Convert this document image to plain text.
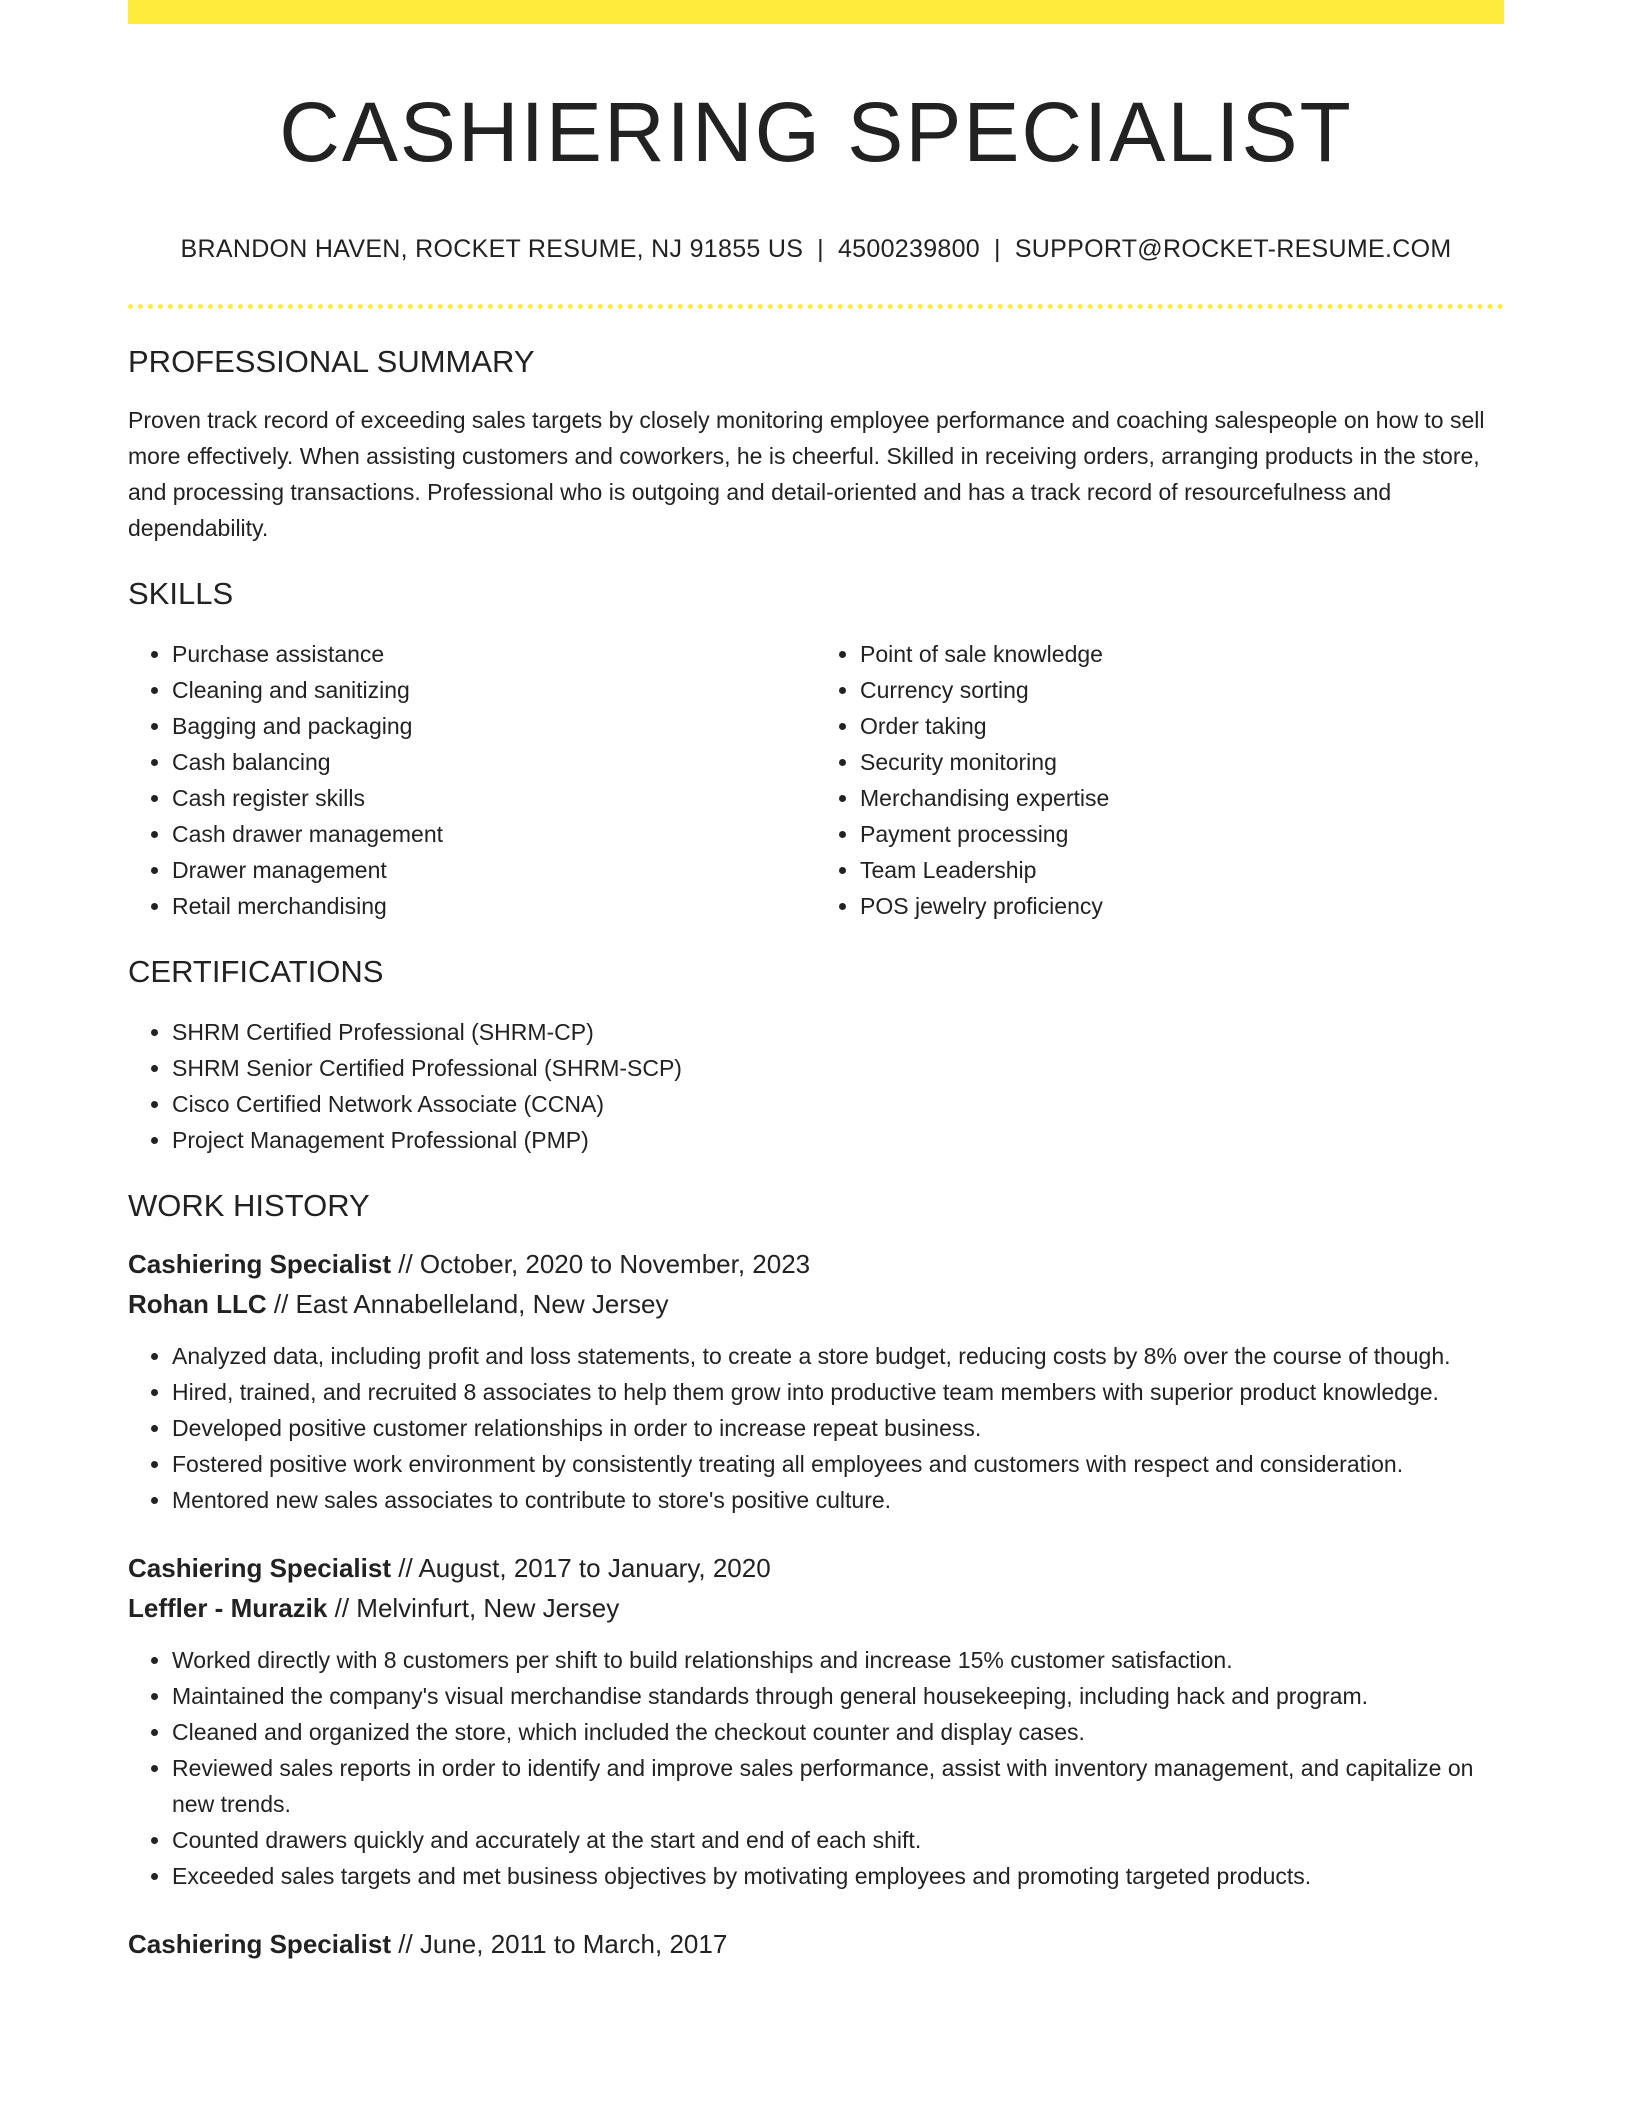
CASHIERING SPECIALIST
BRANDON HAVEN, ROCKET RESUME, NJ 91855 US | 4500239800 | SUPPORT@ROCKET-RESUME.COM
PROFESSIONAL SUMMARY

Proven track record of exceeding sales targets by closely monitoring employee performance and coaching salespeople on how to sell more effectively. When assisting customers and coworkers, he is cheerful. Skilled in receiving orders, arranging products in the store, and processing transactions. Professional who is outgoing and detail-oriented and has a track record of resourcefulness and dependability.

SKILLS
• Purchase assistance
• Cleaning and sanitizing
• Bagging and packaging
• Cash balancing
• Cash register skills
• Cash drawer management
• Drawer management
• Retail merchandising
• Point of sale knowledge
• Currency sorting
• Order taking
• Security monitoring
• Merchandising expertise
• Payment processing
• Team Leadership
• POS jewelry proficiency
CERTIFICATIONS
• SHRM Certified Professional (SHRM-CP)
• SHRM Senior Certified Professional (SHRM-SCP)
• Cisco Certified Network Associate (CCNA)
• Project Management Professional (PMP)
WORK HISTORY
Cashiering Specialist // October, 2020 to November, 2023
Rohan LLC // East Annabelleland, New Jersey
• Analyzed data, including profit and loss statements, to create a store budget, reducing costs by 8% over the course of though.
• Hired, trained, and recruited 8 associates to help them grow into productive team members with superior product knowledge.
• Developed positive customer relationships in order to increase repeat business.
• Fostered positive work environment by consistently treating all employees and customers with respect and consideration.
• Mentored new sales associates to contribute to store's positive culture.
Cashiering Specialist // August, 2017 to January, 2020
Leffler - Murazik // Melvinfurt, New Jersey
• Worked directly with 8 customers per shift to build relationships and increase 15% customer satisfaction.
• Maintained the company's visual merchandise standards through general housekeeping, including hack and program.
• Cleaned and organized the store, which included the checkout counter and display cases.
• Reviewed sales reports in order to identify and improve sales performance, assist with inventory management, and capitalize on new trends.
• Counted drawers quickly and accurately at the start and end of each shift.
• Exceeded sales targets and met business objectives by motivating employees and promoting targeted products.
Cashiering Specialist // June, 2011 to March, 2017
